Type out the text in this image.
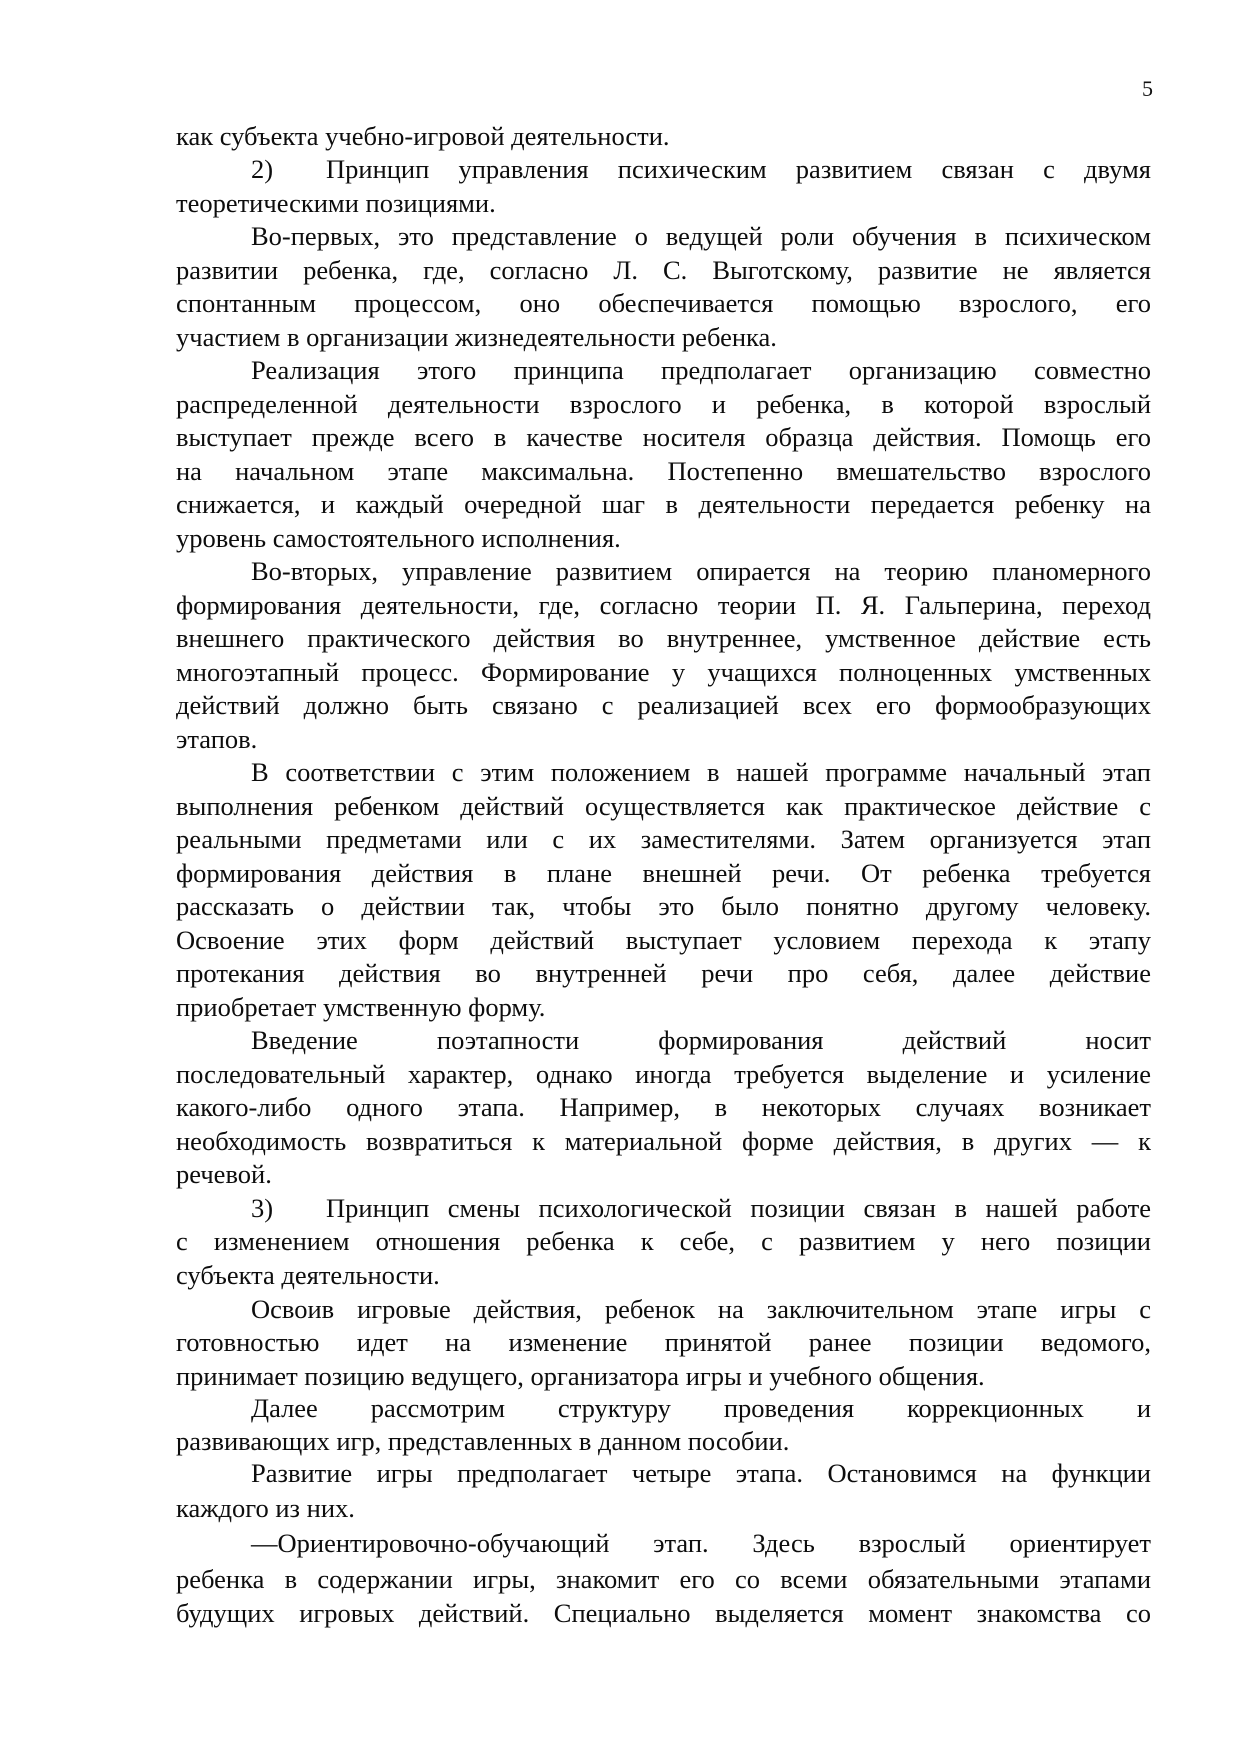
5
как субъекта учебно-игровой деятельности.
2)	Принцип управления психическим развитием связан с двумя
теоретическими позициями.
Во-первых, это представление о ведущей роли обучения в психическом
развитии ребенка, где, согласно Л. С. Выготскому, развитие не является
спонтанным процессом, оно обеспечивается помощью взрослого, его
участием в организации жизнедеятельности ребенка.
Реализация этого принципа предполагает организацию совместно
распределенной деятельности взрослого и ребенка, в которой взрослый
выступает прежде всего в качестве носителя образца действия. Помощь его
на начальном этапе максимальна. Постепенно вмешательство взрослого
снижается, и каждый очередной шаг в деятельности передается ребенку на
уровень самостоятельного исполнения.
Во-вторых, управление развитием опирается на теорию планомерного
формирования деятельности, где, согласно теории П. Я. Гальперина, переход
внешнего практического действия во внутреннее, умственное действие есть
многоэтапный процесс. Формирование у учащихся полноценных умственных
действий должно быть связано с реализацией всех его формообразующих
этапов.
В соответствии с этим положением в нашей программе начальный этап
выполнения ребенком действий осуществляется как практическое действие с
реальными предметами или с их заместителями. Затем организуется этап
формирования действия в плане внешней речи. От ребенка требуется
рассказать о действии так, чтобы это было понятно другому человеку.
Освоение этих форм действий выступает условием перехода к этапу
протекания действия во внутренней речи про себя, далее действие
приобретает умственную форму.
Введение поэтапности формирования действий носит
последовательный характер, однако иногда требуется выделение и усиление
какого-либо одного этапа. Например, в некоторых случаях возникает
необходимость возвратиться к материальной форме действия, в других — к
речевой.
3)	Принцип смены психологической позиции связан в нашей работе
с изменением отношения ребенка к себе, с развитием у него позиции
субъекта деятельности.
Освоив игровые действия, ребенок на заключительном этапе игры с
готовностью идет на изменение принятой ранее позиции ведомого,
принимает позицию ведущего, организатора игры и учебного общения.
Далее рассмотрим структуру проведения коррекционных и
развивающих игр, представленных в данном пособии.
Развитие игры предполагает четыре этапа. Остановимся на функции
каждого из них.
—Ориентировочно-обучающий этап. Здесь взрослый ориентирует
ребенка в содержании игры, знакомит его со всеми обязательными этапами
будущих игровых действий. Специально выделяется момент знакомства со
